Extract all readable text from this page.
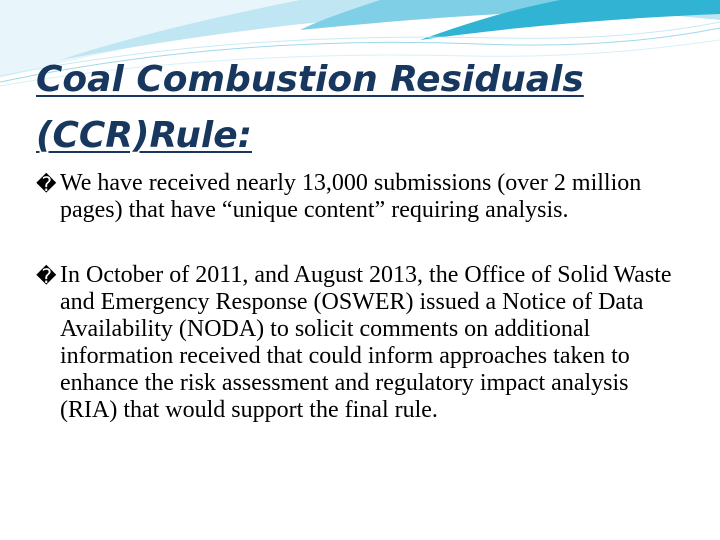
Coal Combustion Residuals (CCR)Rule:
� We have received nearly 13,000 submissions (over 2 million pages) that have “unique content” requiring analysis.
� In October of 2011, and August 2013, the Office of Solid Waste and Emergency Response (OSWER) issued a Notice of Data Availability (NODA) to solicit comments on additional information received that could inform approaches taken to enhance the risk assessment and regulatory impact analysis (RIA) that would support the final rule.
